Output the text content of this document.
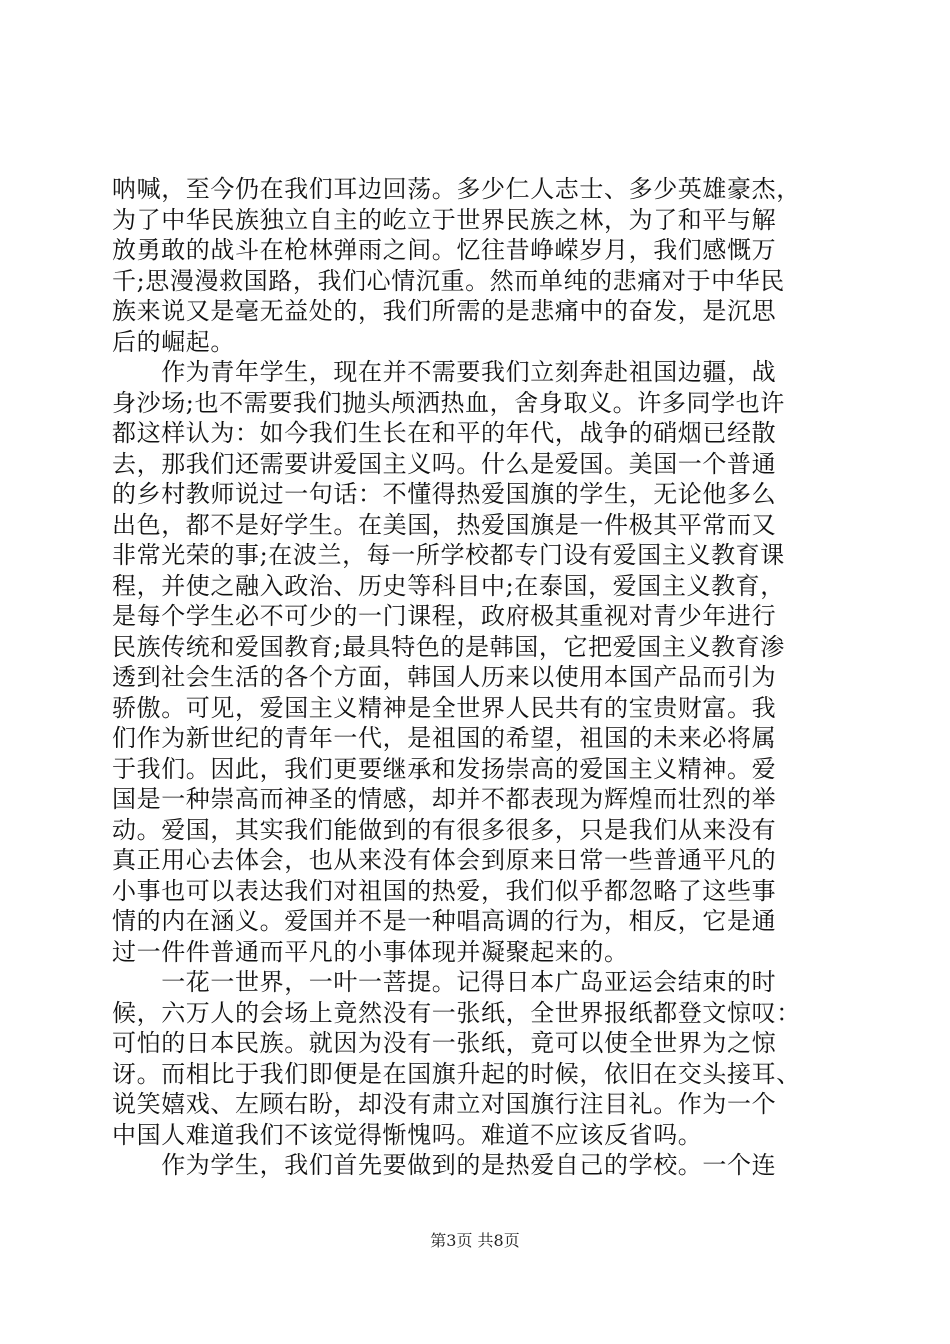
呐喊，至今仍在我们耳边回荡。多少仁人志士、多少英雄豪杰，
为了中华民族独立自主的屹立于世界民族之林，为了和平与解
放勇敢的战斗在枪林弹雨之间。忆往昔峥嵘岁月，我们感慨万
千;思漫漫救国路，我们心情沉重。然而单纯的悲痛对于中华民
族来说又是毫无益处的，我们所需的是悲痛中的奋发，是沉思
后的崛起。
　　作为青年学生，现在并不需要我们立刻奔赴祖国边疆，战
身沙场;也不需要我们抛头颅洒热血，舍身取义。许多同学也许
都这样认为：如今我们生长在和平的年代，战争的硝烟已经散
去，那我们还需要讲爱国主义吗。什么是爱国。美国一个普通
的乡村教师说过一句话：不懂得热爱国旗的学生，无论他多么
出色，都不是好学生。在美国，热爱国旗是一件极其平常而又
非常光荣的事;在波兰，每一所学校都专门设有爱国主义教育课
程，并使之融入政治、历史等科目中;在泰国，爱国主义教育，
是每个学生必不可少的一门课程，政府极其重视对青少年进行
民族传统和爱国教育;最具特色的是韩国，它把爱国主义教育渗
透到社会生活的各个方面，韩国人历来以使用本国产品而引为
骄傲。可见，爱国主义精神是全世界人民共有的宝贵财富。我
们作为新世纪的青年一代，是祖国的希望，祖国的未来必将属
于我们。因此，我们更要继承和发扬崇高的爱国主义精神。爱
国是一种崇高而神圣的情感，却并不都表现为辉煌而壮烈的举
动。爱国，其实我们能做到的有很多很多，只是我们从来没有
真正用心去体会，也从来没有体会到原来日常一些普通平凡的
小事也可以表达我们对祖国的热爱，我们似乎都忽略了这些事
情的内在涵义。爱国并不是一种唱高调的行为，相反，它是通
过一件件普通而平凡的小事体现并凝聚起来的。
　　一花一世界，一叶一菩提。记得日本广岛亚运会结束的时
候，六万人的会场上竟然没有一张纸，全世界报纸都登文惊叹：
可怕的日本民族。就因为没有一张纸，竟可以使全世界为之惊
讶。而相比于我们即便是在国旗升起的时候，依旧在交头接耳、
说笑嬉戏、左顾右盼，却没有肃立对国旗行注目礼。作为一个
中国人难道我们不该觉得惭愧吗。难道不应该反省吗。
　　作为学生，我们首先要做到的是热爱自己的学校。一个连
第3页 共8页
